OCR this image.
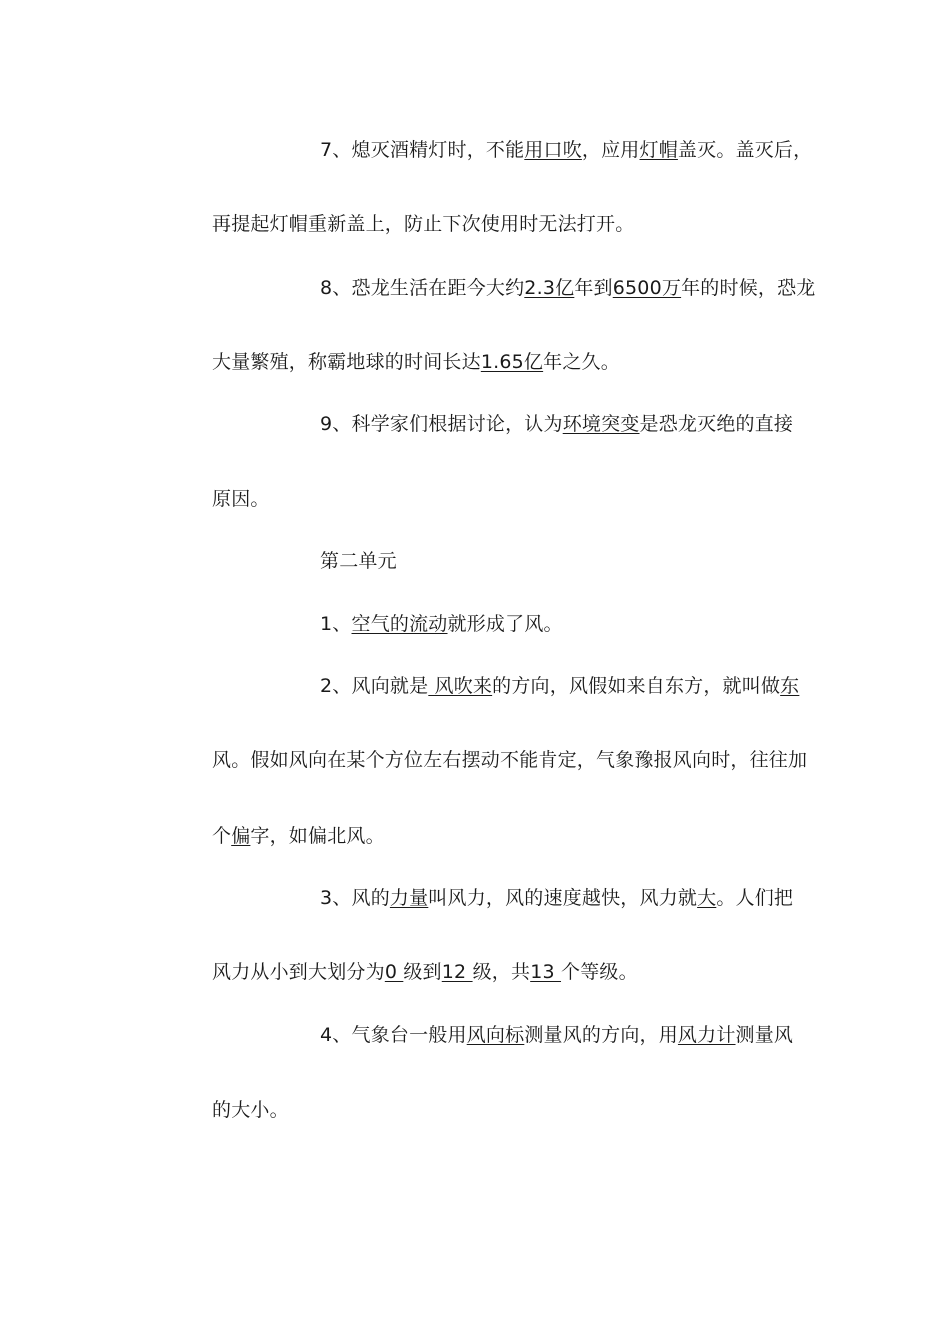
7、熄灭酒精灯时，不能用口吹，应用灯帽盖灭。盖灭后，
再提起灯帽重新盖上，防止下次使用时无法打开。
8、恐龙生活在距今大约2.3亿年到6500万年的时候，恐龙
大量繁殖，称霸地球的时间长达1.65亿年之久。
9、科学家们根据讨论，认为环境突变是恐龙灭绝的直接
原因。
第二单元
1、空气的流动就形成了风。
2、风向就是 风吹来的方向，风假如来自东方，就叫做东
风。假如风向在某个方位左右摆动不能肯定，气象豫报风向时，往往加
个偏字，如偏北风。
3、风的力量叫风力，风的速度越快，风力就大。人们把
风力从小到大划分为0 级到12 级，共13 个等级。
4、气象台一般用风向标测量风的方向，用风力计测量风
的大小。
